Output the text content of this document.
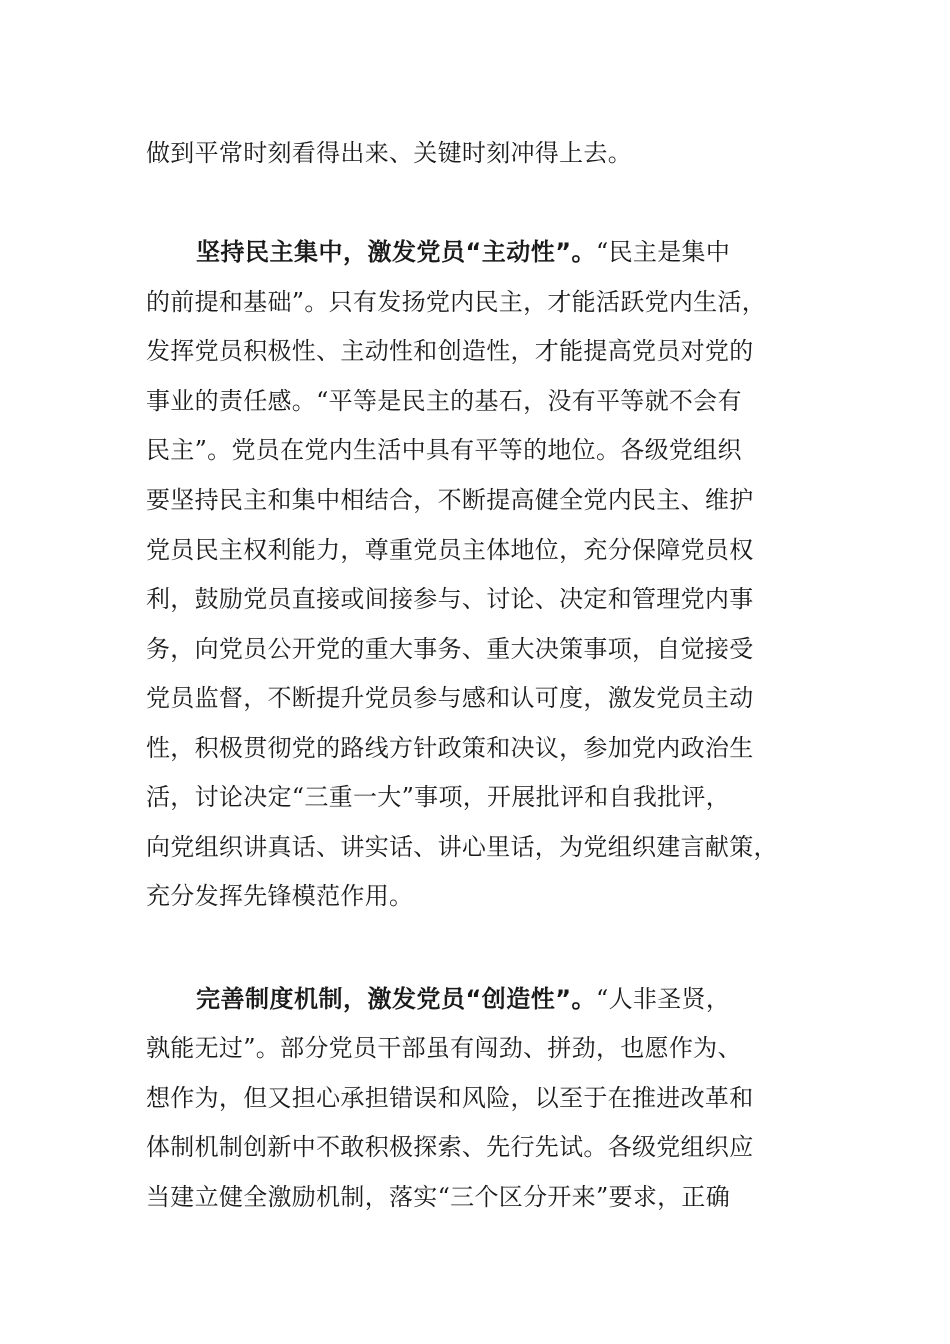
做到平常时刻看得出来、关键时刻冲得上去。
坚持民主集中，激发党员“主动性”。“民主是集中
的前提和基础”。只有发扬党内民主，才能活跃党内生活，
发挥党员积极性、主动性和创造性，才能提高党员对党的
事业的责任感。“平等是民主的基石，没有平等就不会有
民主”。党员在党内生活中具有平等的地位。各级党组织
要坚持民主和集中相结合，不断提高健全党内民主、维护
党员民主权利能力，尊重党员主体地位，充分保障党员权
利，鼓励党员直接或间接参与、讨论、决定和管理党内事
务，向党员公开党的重大事务、重大决策事项，自觉接受
党员监督，不断提升党员参与感和认可度，激发党员主动
性，积极贯彻党的路线方针政策和决议，参加党内政治生
活，讨论决定“三重一大”事项，开展批评和自我批评，
向党组织讲真话、讲实话、讲心里话，为党组织建言献策，
充分发挥先锋模范作用。
完善制度机制，激发党员“创造性”。“人非圣贤，
孰能无过”。部分党员干部虽有闯劲、拼劲，也愿作为、
想作为，但又担心承担错误和风险，以至于在推进改革和
体制机制创新中不敢积极探索、先行先试。各级党组织应
当建立健全激励机制，落实“三个区分开来”要求，正确
